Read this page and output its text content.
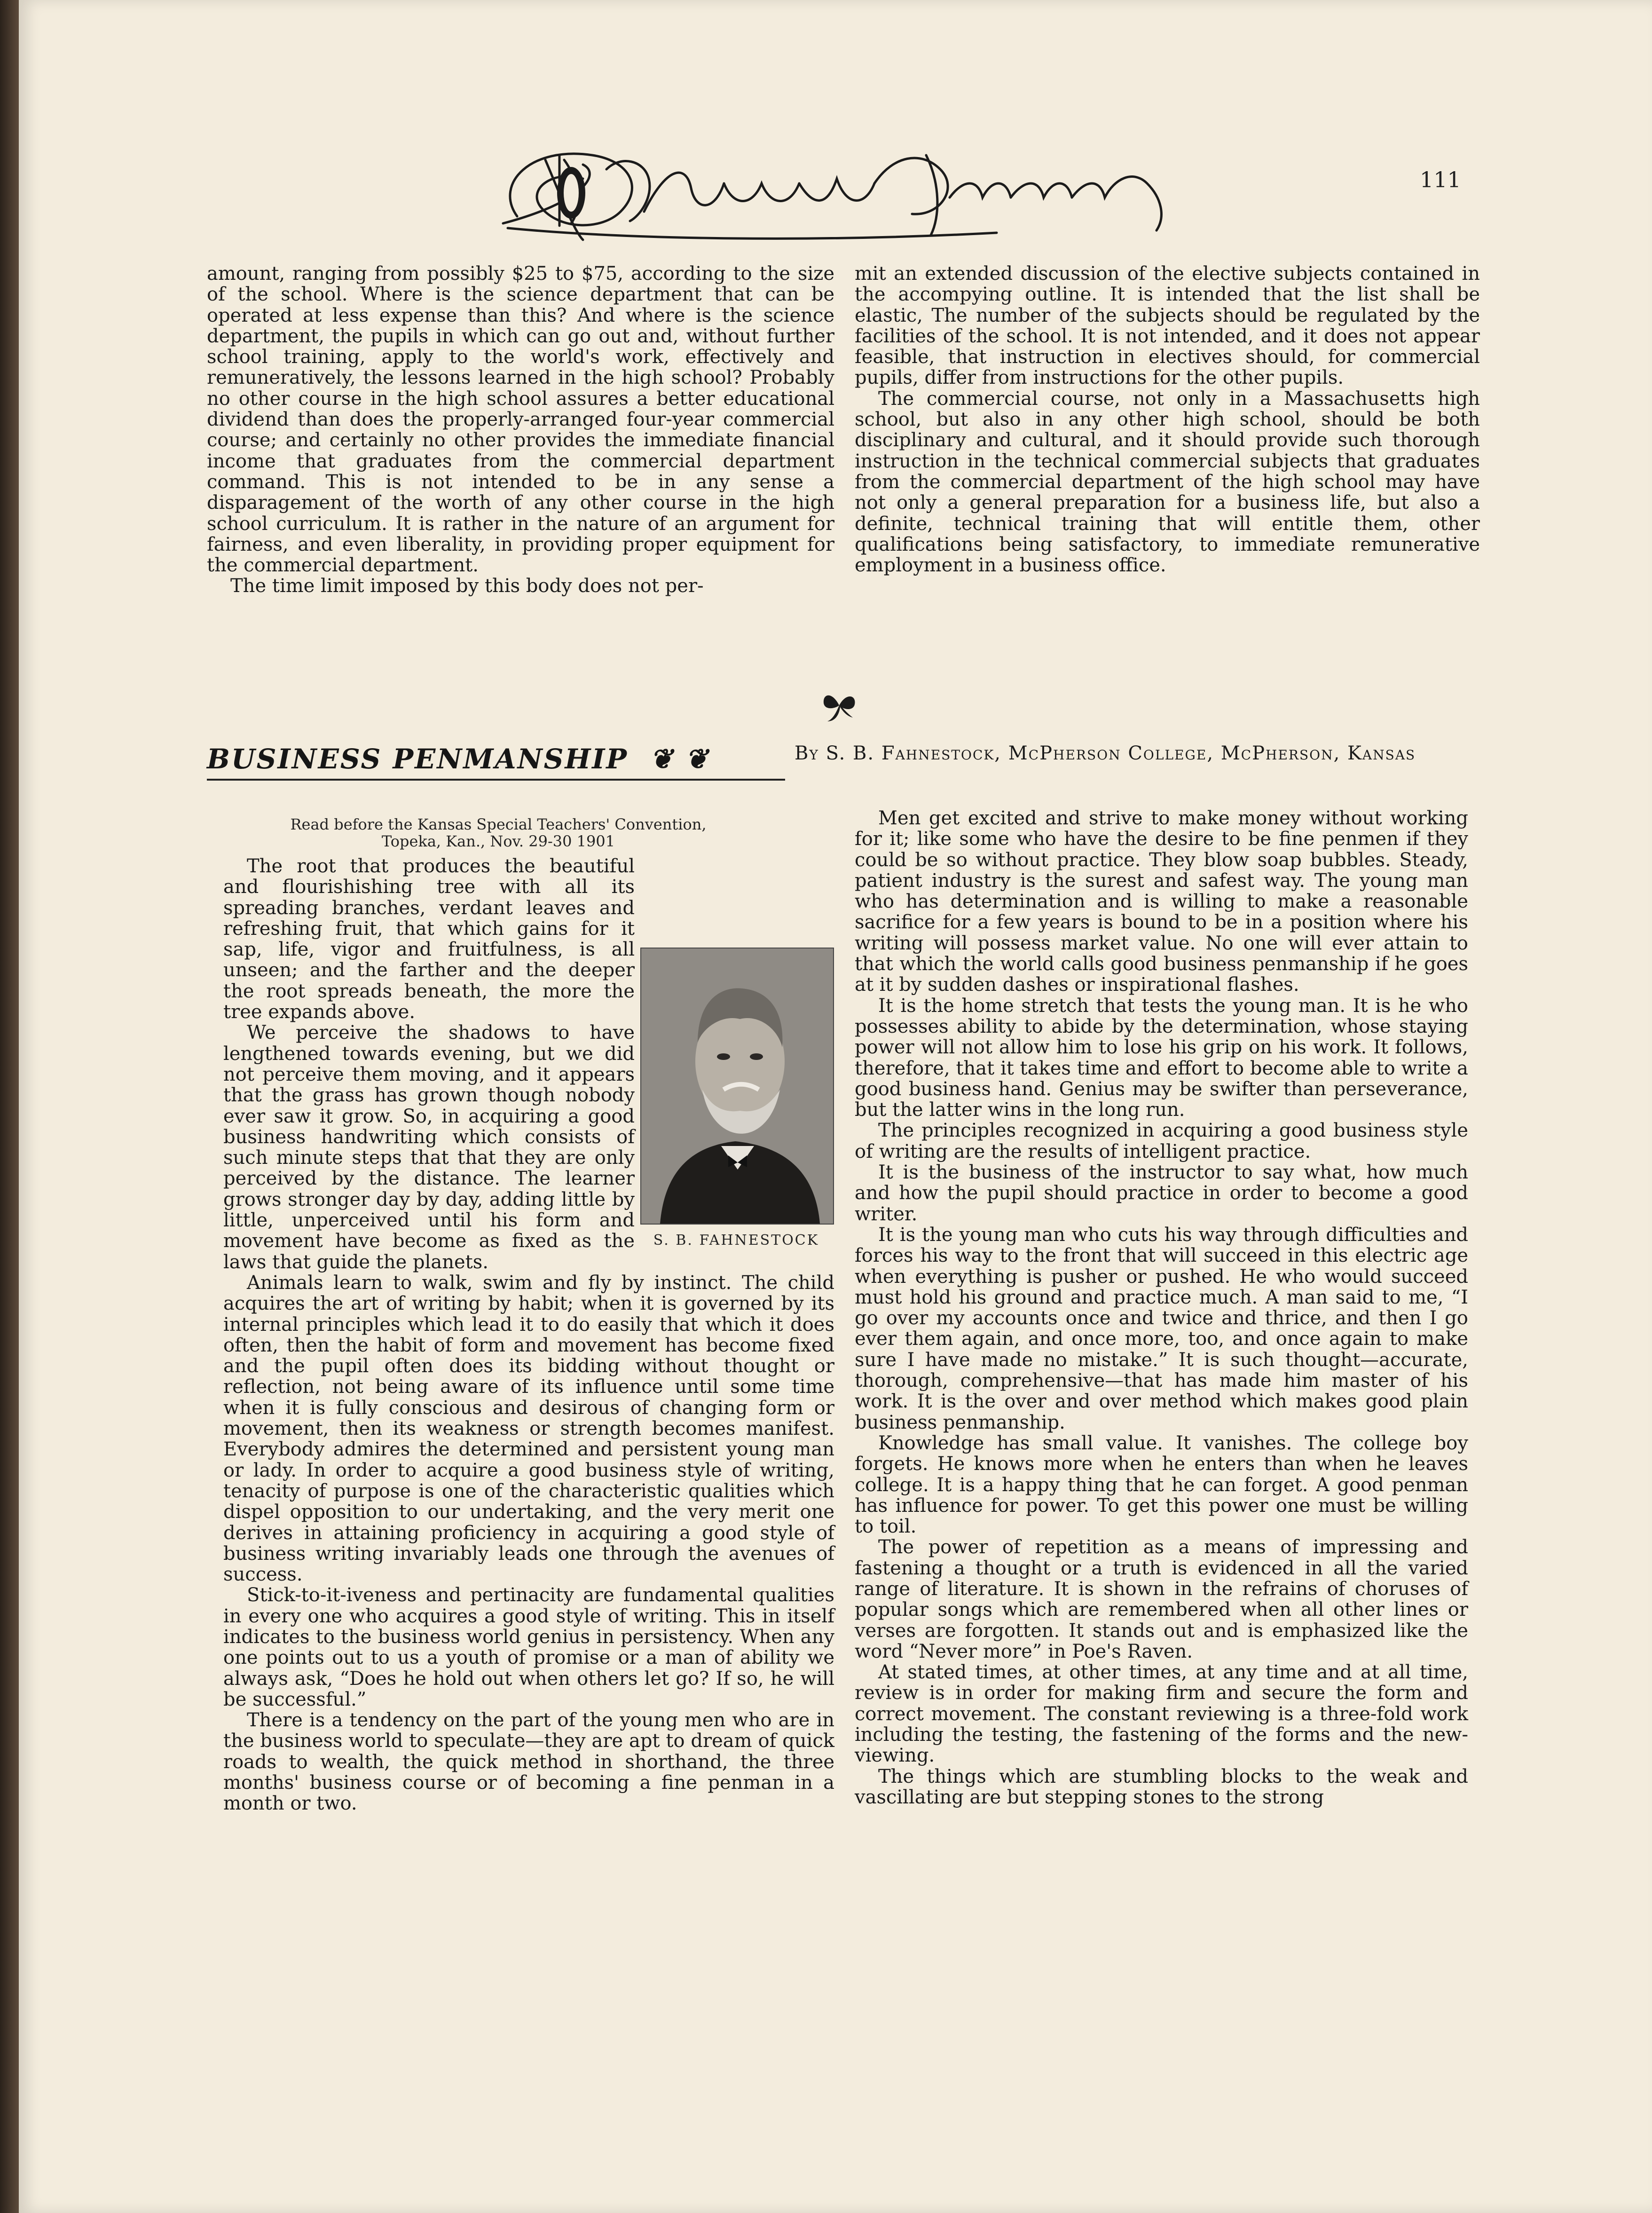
111

amount, ranging from possibly $25 to $75, according to the size of the school. Where is the science department that can be operated at less expense than this? And where is the science department, the pupils in which can go out and, without further school training, apply to the world's work, effectively and remuneratively, the lessons learned in the high school? Probably no other course in the high school assures a better educational dividend than does the properly-arranged four-year commercial course; and certainly no other provides the immediate financial income that graduates from the commercial department command. This is not intended to be in any sense a disparagement of the worth of any other course in the high school curriculum. It is rather in the nature of an argument for fairness, and even liberality, in providing proper equipment for the commercial department.

The time limit imposed by this body does not per-

mit an extended discussion of the elective subjects contained in the accompying outline. It is intended that the list shall be elastic, The number of the subjects should be regulated by the facilities of the school. It is not intended, and it does not appear feasible, that instruction in electives should, for commercial pupils, differ from instructions for the other pupils.

The commercial course, not only in a Massachusetts high school, but also in any other high school, should be both disciplinary and cultural, and it should provide such thorough instruction in the technical commercial subjects that graduates from the commercial department of the high school may have not only a general preparation for a business life, but also a definite, technical training that will entitle them, other qualifications being satisfactory, to immediate remunerative employment in a business office.

BUSINESS PENMANSHIP  ❦ ❦	By S. B. Fahnestock, McPherson College, McPherson, Kansas
Read before the Kansas Special Teachers' Convention,
Topeka, Kan., Nov. 29-30 1901

The root that produces the beautiful and flourishishing tree with all its spreading branches, verdant leaves and refreshing fruit, that which gains for it sap, life, vigor and fruitfulness, is all unseen; and the farther and the deeper the root spreads beneath, the more the tree expands above.

We perceive the shadows to have lengthened towards evening, but we did not perceive them moving, and it appears that the grass has grown though nobody ever saw it grow. So, in acquiring a good business handwriting which consists of such minute steps that that they are only perceived by the distance. The learner grows stronger day by day, adding little by little, unperceived until his form and movement have become as fixed as the laws that guide the planets.

Animals learn to walk, swim and fly by instinct. The child acquires the art of writing by habit; when it is governed by its internal principles which lead it to do easily that which it does often, then the habit of form and movement has become fixed and the pupil often does its bidding without thought or reflection, not being aware of its influence until some time when it is fully conscious and desirous of changing form or movement, then its weakness or strength becomes manifest. Everybody admires the determined and persistent young man or lady. In order to acquire a good business style of writing, tenacity of purpose is one of the characteristic qualities which dispel opposition to our undertaking, and the very merit one derives in attaining proficiency in acquiring a good style of business writing invariably leads one through the avenues of success.

Stick-to-it-iveness and pertinacity are fundamental qualities in every one who acquires a good style of writing. This in itself indicates to the business world genius in persistency. When any one points out to us a youth of promise or a man of ability we always ask, “Does he hold out when others let go? If so, he will be successful.”

There is a tendency on the part of the young men who are in the business world to speculate—they are apt to dream of quick roads to wealth, the quick method in shorthand, the three months' business course or of becoming a fine penman in a month or two.

S. B. FAHNESTOCK

Men get excited and strive to make money without working for it; like some who have the desire to be fine penmen if they could be so without practice. They blow soap bubbles. Steady, patient industry is the surest and safest way. The young man who has determination and is willing to make a reasonable sacrifice for a few years is bound to be in a position where his writing will possess market value. No one will ever attain to that which the world calls good business penmanship if he goes at it by sudden dashes or inspirational flashes.

It is the home stretch that tests the young man. It is he who possesses ability to abide by the determination, whose staying power will not allow him to lose his grip on his work. It follows, therefore, that it takes time and effort to become able to write a good business hand. Genius may be swifter than perseverance, but the latter wins in the long run.

The principles recognized in acquiring a good business style of writing are the results of intelligent practice.

It is the business of the instructor to say what, how much and how the pupil should practice in order to become a good writer.

It is the young man who cuts his way through difficulties and forces his way to the front that will succeed in this electric age when everything is pusher or pushed. He who would succeed must hold his ground and practice much. A man said to me, “I go over my accounts once and twice and thrice, and then I go ever them again, and once more, too, and once again to make sure I have made no mistake.” It is such thought—accurate, thorough, comprehensive—that has made him master of his work. It is the over and over method which makes good plain business penmanship.

Knowledge has small value. It vanishes. The college boy forgets. He knows more when he enters than when he leaves college. It is a happy thing that he can forget. A good penman has influence for power. To get this power one must be willing to toil.

The power of repetition as a means of impressing and fastening a thought or a truth is evidenced in all the varied range of literature. It is shown in the refrains of choruses of popular songs which are remembered when all other lines or verses are forgotten. It stands out and is emphasized like the word “Never more” in Poe's Raven.

At stated times, at other times, at any time and at all time, review is in order for making firm and secure the form and correct movement. The constant reviewing is a three-fold work including the testing, the fastening of the forms and the new-viewing.

The things which are stumbling blocks to the weak and vascillating are but stepping stones to the strong
